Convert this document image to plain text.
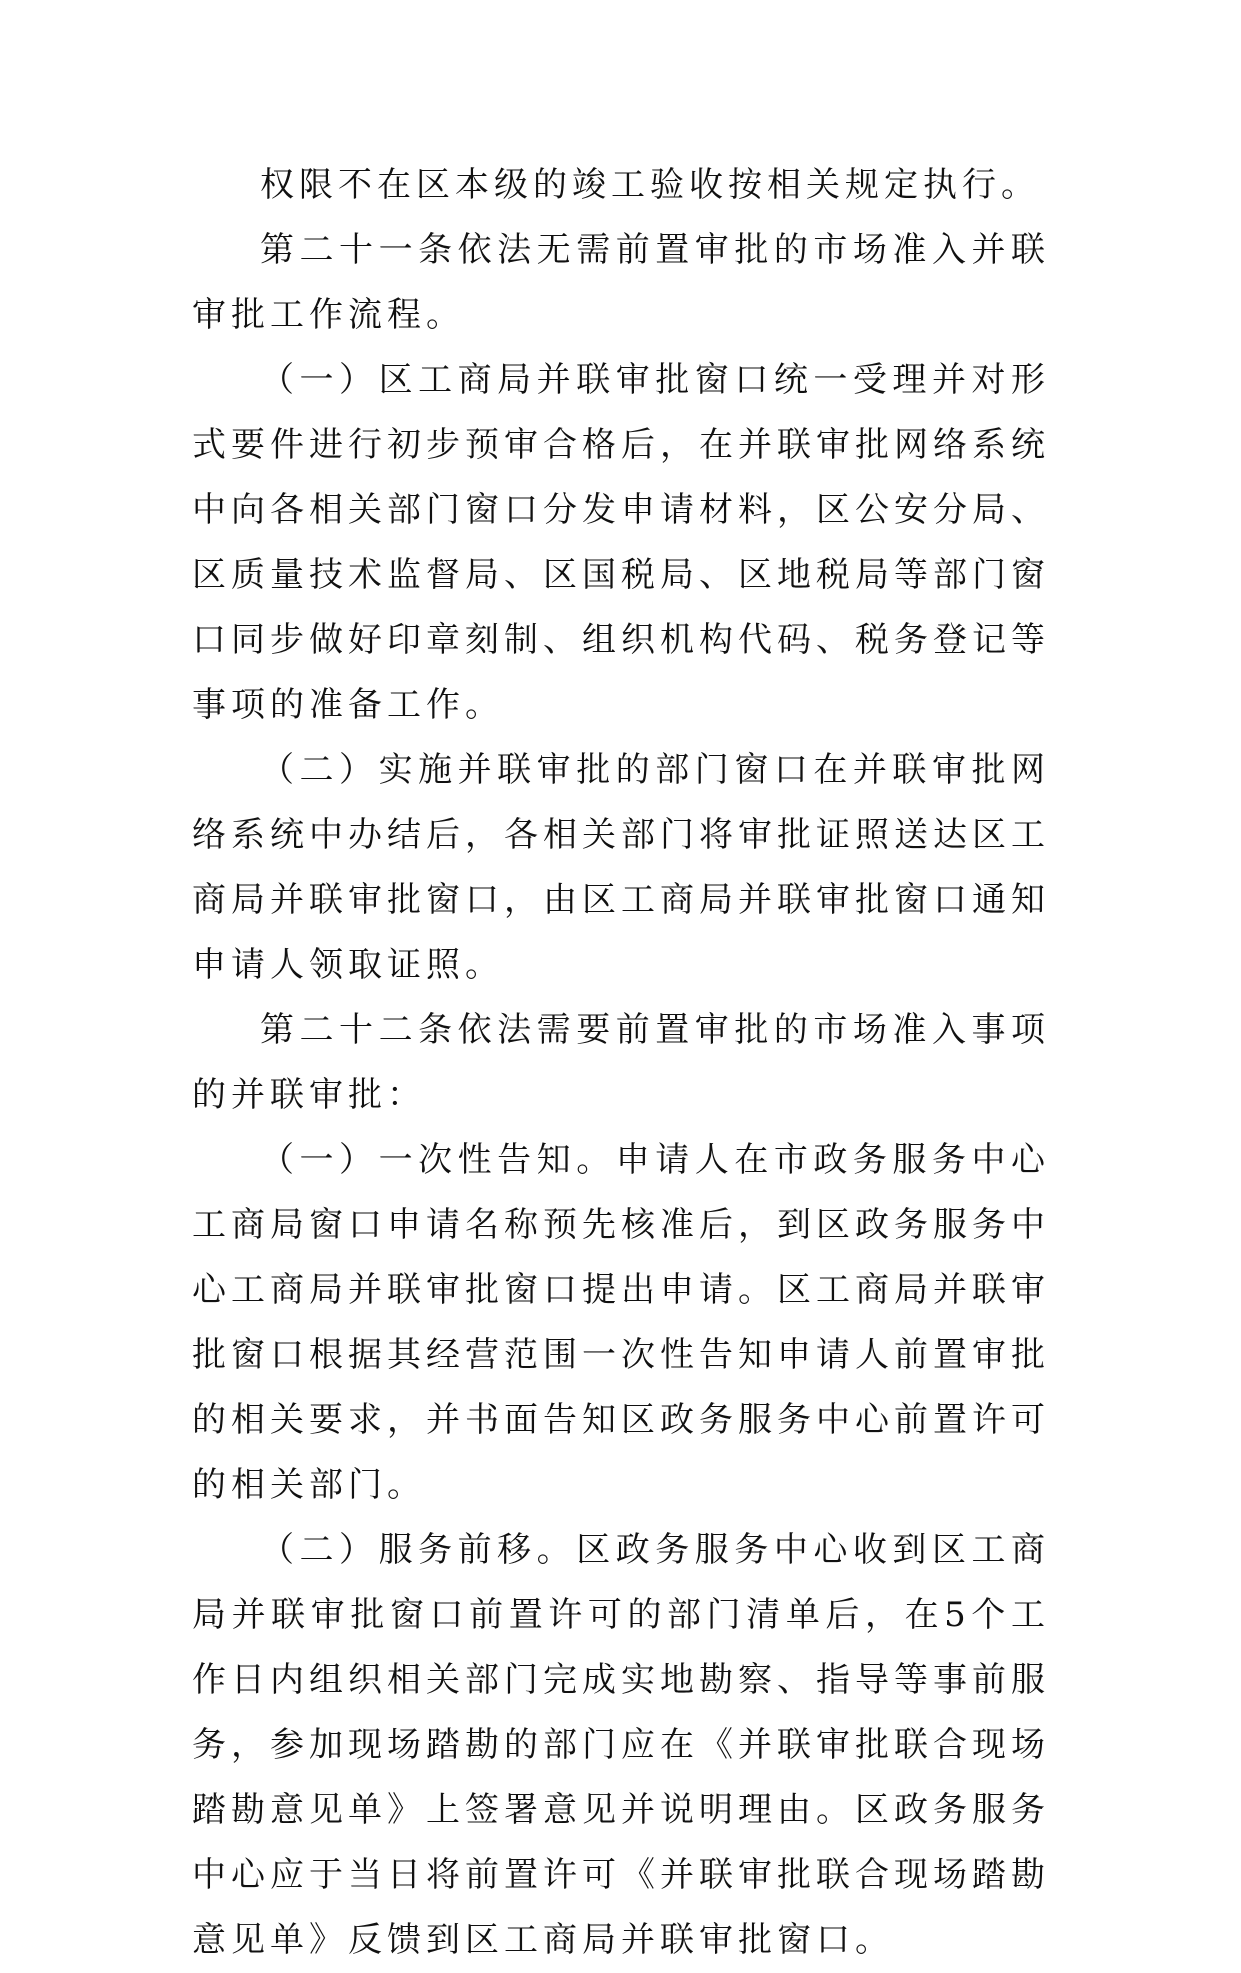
权限不在区本级的竣工验收按相关规定执行。

第二十一条依法无需前置审批的市场准入并联审批工作流程。

（一）区工商局并联审批窗口统一受理并对形式要件进行初步预审合格后，在并联审批网络系统中向各相关部门窗口分发申请材料，区公安分局、区质量技术监督局、区国税局、区地税局等部门窗口同步做好印章刻制、组织机构代码、税务登记等事项的准备工作。

（二）实施并联审批的部门窗口在并联审批网络系统中办结后，各相关部门将审批证照送达区工商局并联审批窗口，由区工商局并联审批窗口通知申请人领取证照。

第二十二条依法需要前置审批的市场准入事项的并联审批：

（一）一次性告知。申请人在市政务服务中心工商局窗口申请名称预先核准后，到区政务服务中心工商局并联审批窗口提出申请。区工商局并联审批窗口根据其经营范围一次性告知申请人前置审批的相关要求，并书面告知区政务服务中心前置许可的相关部门。

（二）服务前移。区政务服务中心收到区工商局并联审批窗口前置许可的部门清单后，在5个工作日内组织相关部门完成实地勘察、指导等事前服务，参加现场踏勘的部门应在《并联审批联合现场踏勘意见单》上签署意见并说明理由。区政务服务中心应于当日将前置许可《并联审批联合现场踏勘意见单》反馈到区工商局并联审批窗口。
